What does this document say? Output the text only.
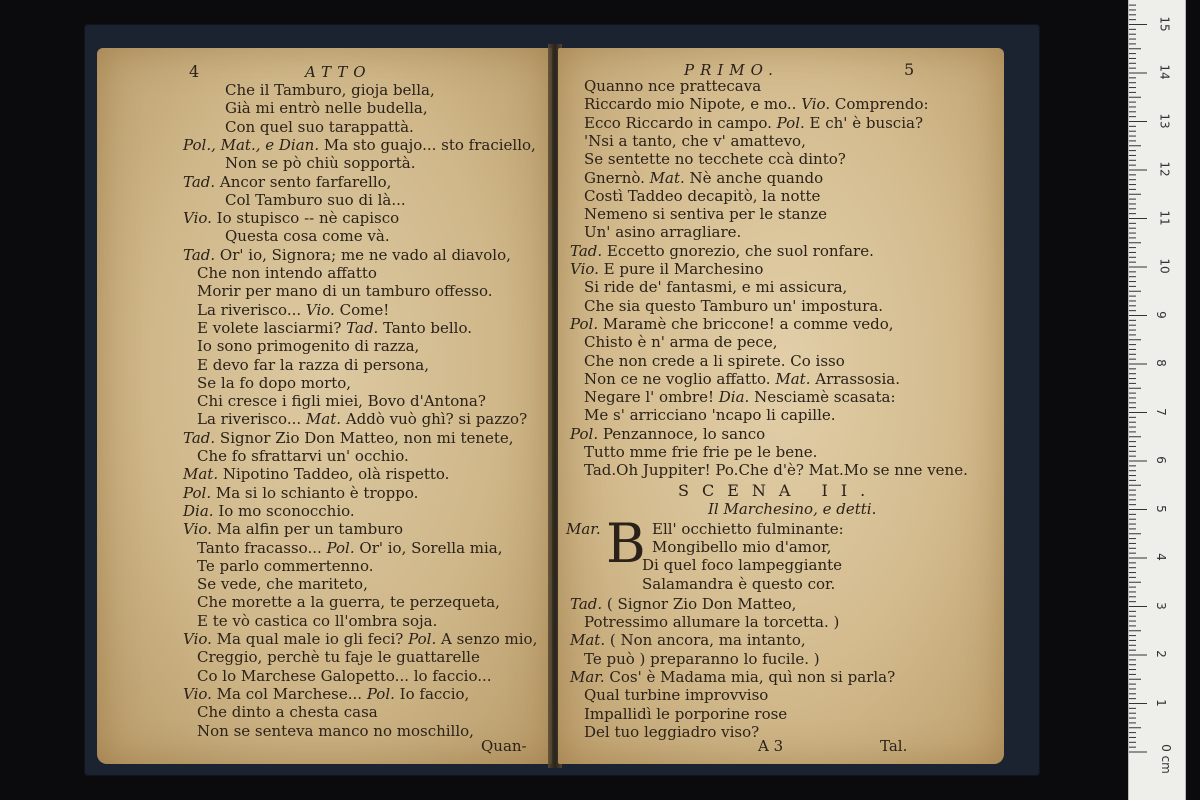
4	ATTO
Che il Tamburo, gioja bella,
Già mi entrò nelle budella,
Con quel suo tarappattà.
Pol., Mat., e Dian. Ma sto guajo... sto fraciello,
Non se pò chiù sopportà.
Tad. Ancor sento farfarello,
Col Tamburo suo di là...
Vio. Io stupisco -- nè capisco
Questa cosa come và.
Tad. Or' io, Signora; me ne vado al diavolo,
Che non intendo affatto
Morir per mano di un tamburo offesso.
La riverisco... Vio. Come!
E volete lasciarmi? Tad. Tanto bello.
Io sono primogenito di razza,
E devo far la razza di persona,
Se la fo dopo morto,
Chi cresce i figli miei, Bovo d'Antona?
La riverisco... Mat. Addò vuò ghì? si pazzo?
Tad. Signor Zio Don Matteo, non mi tenete,
Che fo sfrattarvi un' occhio.
Mat. Nipotino Taddeo, olà rispetto.
Pol. Ma si lo schianto è troppo.
Dia. Io mo sconocchio.
Vio. Ma alfin per un tamburo
Tanto fracasso... Pol. Or' io, Sorella mia,
Te parlo commertenno.
Se vede, che mariteto,
Che morette a la guerra, te perzequeta,
E te vò castica co ll'ombra soja.
Vio. Ma qual male io gli feci? Pol. A senzo mio,
Creggio, perchè tu faje le guattarelle
Co lo Marchese Galopetto... lo faccio...
Vio. Ma col Marchese... Pol. Io faccio,
Che dinto a chesta casa
Non se senteva manco no moschillo,
Quan-
PRIMO.	5
Quanno nce prattecava
Riccardo mio Nipote, e mo.. Vio. Comprendo:
Ecco Riccardo in campo. Pol. E ch' è buscia?
'Nsi a tanto, che v' amattevo,
Se sentette no tecchete ccà dinto?
Gnernò. Mat. Nè anche quando
Costì Taddeo decapitò, la notte
Nemeno si sentiva per le stanze
Un' asino arragliare.
Tad. Eccetto gnorezio, che suol ronfare.
Vio. E pure il Marchesino
Si ride de' fantasmi, e mi assicura,
Che sia questo Tamburo un' impostura.
Pol. Maramè che briccone! a comme vedo,
Chisto è n' arma de pece,
Che non crede a li spirete. Co isso
Non ce ne voglio affatto. Mat. Arrassosia.
Negare l' ombre! Dia. Nesciamè scasata:
Me s' arricciano 'ncapo li capille.
Pol. Penzannoce, lo sanco
Tutto mme frie frie pe le bene.
Tad.Oh Juppiter! Po.Che d'è? Mat.Mo se nne vene.
SCENA II.
Il Marchesino, e detti.
B
Mar.	Ell' occhietto fulminante:
Mongibello mio d'amor,
Di quel foco lampeggiante
Salamandra è questo cor.
Tad. ( Signor Zio Don Matteo,
Potressimo allumare la torcetta. )
Mat. ( Non ancora, ma intanto,
Te può ) preparanno lo fucile. )
Mar. Cos' è Madama mia, quì non si parla?
Qual turbine improvviso
Impallidì le porporine rose
Del tuo leggiadro viso?
A 3	Tal.	0 cm
1
2
3
4
5
6
7
8
9
10
11
12
13
14
15
